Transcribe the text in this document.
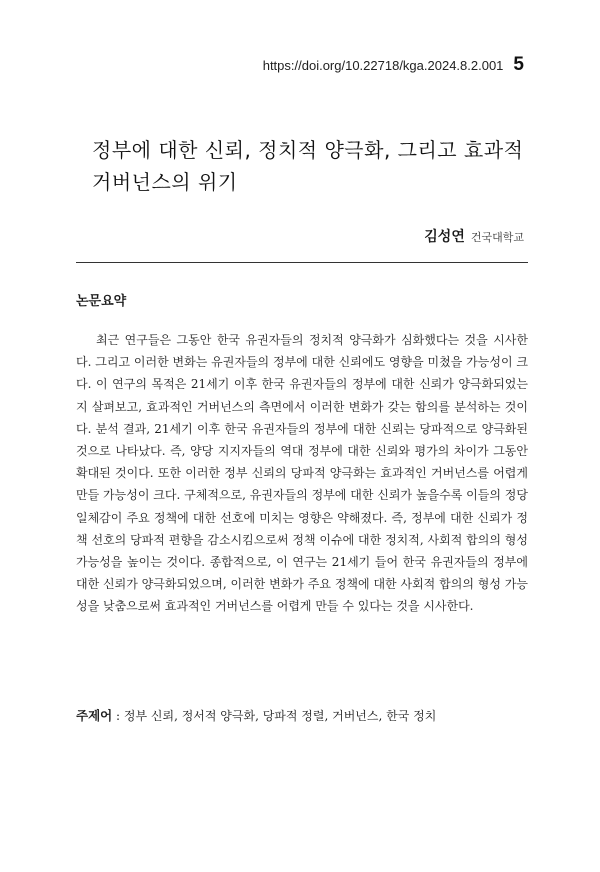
https://doi.org/10.22718/kga.2024.8.2.001 5
정부에 대한 신뢰, 정치적 양극화, 그리고 효과적
거버넌스의 위기
김성연 건국대학교
논문요약

최근 연구들은 그동안 한국 유권자들의 정치적 양극화가 심화했다는 것을 시사한다. 그리고 이러한 변화는 유권자들의 정부에 대한 신뢰에도 영향을 미쳤을 가능성이 크다. 이 연구의 목적은 21세기 이후 한국 유권자들의 정부에 대한 신뢰가 양극화되었는지 살펴보고, 효과적인 거버넌스의 측면에서 이러한 변화가 갖는 함의를 분석하는 것이다. 분석 결과, 21세기 이후 한국 유권자들의 정부에 대한 신뢰는 당파적으로 양극화된 것으로 나타났다. 즉, 양당 지지자들의 역대 정부에 대한 신뢰와 평가의 차이가 그동안 확대된 것이다. 또한 이러한 정부 신뢰의 당파적 양극화는 효과적인 거버넌스를 어렵게 만들 가능성이 크다. 구체적으로, 유권자들의 정부에 대한 신뢰가 높을수록 이들의 정당일체감이 주요 정책에 대한 선호에 미치는 영향은 약해졌다. 즉, 정부에 대한 신뢰가 정책 선호의 당파적 편향을 감소시킴으로써 정책 이슈에 대한 정치적, 사회적 합의의 형성 가능성을 높이는 것이다. 종합적으로, 이 연구는 21세기 들어 한국 유권자들의 정부에 대한 신뢰가 양극화되었으며, 이러한 변화가 주요 정책에 대한 사회적 합의의 형성 가능성을 낮춤으로써 효과적인 거버넌스를 어렵게 만들 수 있다는 것을 시사한다.

주제어 : 정부 신뢰, 정서적 양극화, 당파적 정렬, 거버넌스, 한국 정치
